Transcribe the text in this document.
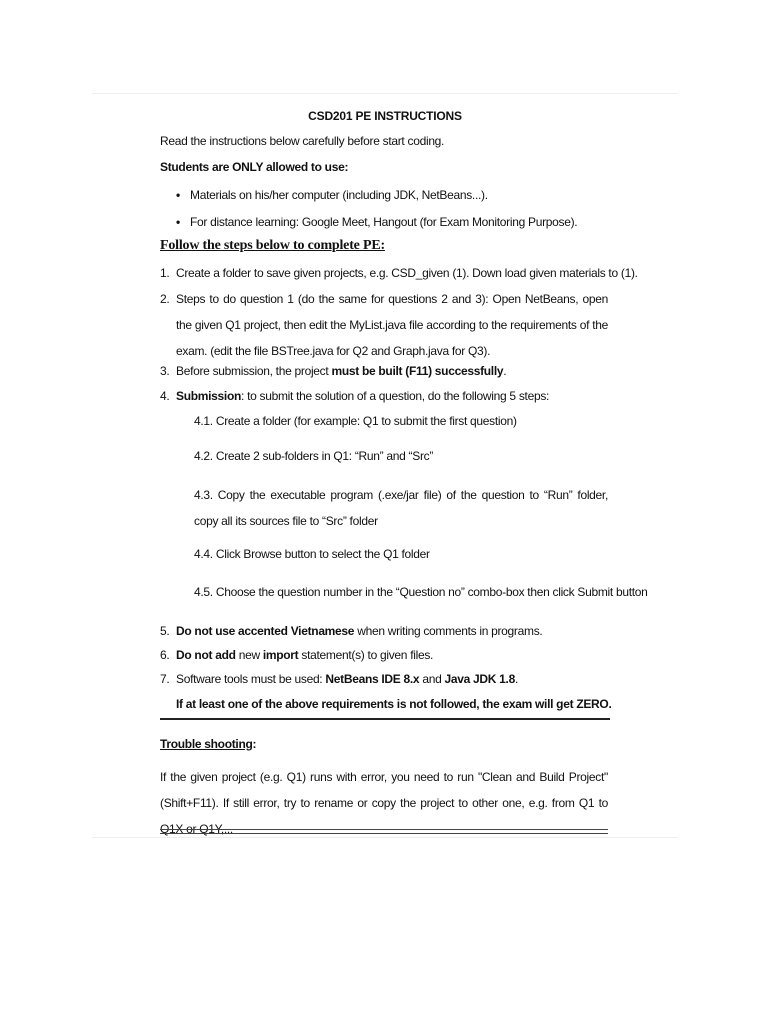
CSD201 PE INSTRUCTIONS
Read the instructions below carefully before start coding.
Students are ONLY allowed to use:
• Materials on his/her computer (including JDK, NetBeans...).
• For distance learning: Google Meet, Hangout (for Exam Monitoring Purpose).
Follow the steps below to complete PE:
1. Create a folder to save given projects, e.g. CSD_given (1). Down load given materials to (1).
2. Steps to do question 1 (do the same for questions 2 and 3): Open NetBeans, open the given Q1 project, then edit the MyList.java file according to the requirements of the exam. (edit the file BSTree.java for Q2 and Graph.java for Q3).
3. Before submission, the project must be built (F11) successfully.
4. Submission: to submit the solution of a question, do the following 5 steps:
4.1. Create a folder (for example: Q1 to submit the first question)
4.2. Create 2 sub-folders in Q1: “Run” and “Src”
4.3. Copy the executable program (.exe/jar file) of the question to “Run” folder, copy all its sources file to “Src” folder
4.4. Click Browse button to select the Q1 folder
4.5. Choose the question number in the “Question no” combo-box then click Submit button
5. Do not use accented Vietnamese when writing comments in programs.
6. Do not add new import statement(s) to given files.
7. Software tools must be used: NetBeans IDE 8.x and Java JDK 1.8.
If at least one of the above requirements is not followed, the exam will get ZERO.
Trouble shooting:
If the given project (e.g. Q1) runs with error, you need to run "Clean and Build Project" (Shift+F11). If still error, try to rename or copy the project to other one, e.g. from Q1 to Q1X or Q1Y,...
